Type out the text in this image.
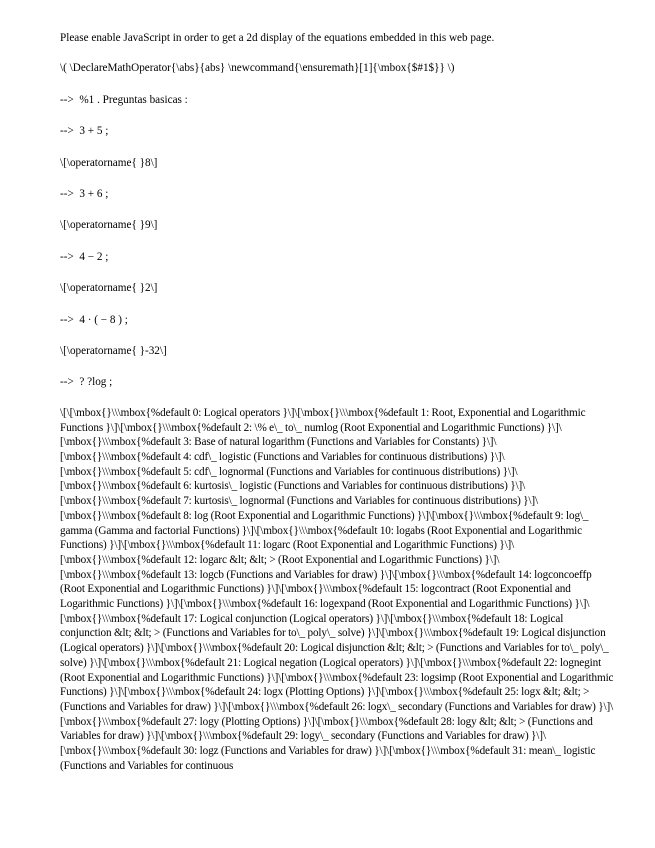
Please enable JavaScript in order to get a 2d display of the equations embedded in this web page.

\( \DeclareMathOperator{\abs}{abs} \newcommand{\ensuremath}[1]{\mbox{$#1$}} \)

-->  %1 . Preguntas basicas :

-->  3 + 5 ;

\[\operatorname{ }8\]

-->  3 + 6 ;

\[\operatorname{ }9\]

-->  4 − 2 ;

\[\operatorname{ }2\]

-->  4 · ( − 8 ) ;

\[\operatorname{ }-32\]

-->  ? ?log ;

\[\[\mbox{}\\\mbox{%default 0: Logical operators }\]\[\mbox{}\\\mbox{%default 1: Root, Exponential and Logarithmic Functions }\]\[\mbox{}\\\mbox{%default 2: \% e\_ to\_ numlog (Root Exponential and Logarithmic Functions) }\]\[\mbox{}\\\mbox{%default 3: Base of natural logarithm (Functions and Variables for Constants) }\]\[\mbox{}\\\mbox{%default 4: cdf\_ logistic (Functions and Variables for continuous distributions) }\]\[\mbox{}\\\mbox{%default 5: cdf\_ lognormal (Functions and Variables for continuous distributions) }\]\[\mbox{}\\\mbox{%default 6: kurtosis\_ logistic (Functions and Variables for continuous distributions) }\]\[\mbox{}\\\mbox{%default 7: kurtosis\_ lognormal (Functions and Variables for continuous distributions) }\]\[\mbox{}\\\mbox{%default 8: log (Root Exponential and Logarithmic Functions) }\]\[\mbox{}\\\mbox{%default 9: log\_ gamma (Gamma and factorial Functions) }\]\[\mbox{}\\\mbox{%default 10: logabs (Root Exponential and Logarithmic Functions) }\]\[\mbox{}\\\mbox{%default 11: logarc (Root Exponential and Logarithmic Functions) }\]\[\mbox{}\\\mbox{%default 12: logarc &lt; &lt; > (Root Exponential and Logarithmic Functions) }\]\[\mbox{}\\\mbox{%default 13: logcb (Functions and Variables for draw) }\]\[\mbox{}\\\mbox{%default 14: logconcoeffp (Root Exponential and Logarithmic Functions) }\]\[\mbox{}\\\mbox{%default 15: logcontract (Root Exponential and Logarithmic Functions) }\]\[\mbox{}\\\mbox{%default 16: logexpand (Root Exponential and Logarithmic Functions) }\]\[\mbox{}\\\mbox{%default 17: Logical conjunction (Logical operators) }\]\[\mbox{}\\\mbox{%default 18: Logical conjunction &lt; &lt; > (Functions and Variables for to\_ poly\_ solve) }\]\[\mbox{}\\\mbox{%default 19: Logical disjunction (Logical operators) }\]\[\mbox{}\\\mbox{%default 20: Logical disjunction &lt; &lt; > (Functions and Variables for to\_ poly\_ solve) }\]\[\mbox{}\\\mbox{%default 21: Logical negation (Logical operators) }\]\[\mbox{}\\\mbox{%default 22: lognegint (Root Exponential and Logarithmic Functions) }\]\[\mbox{}\\\mbox{%default 23: logsimp (Root Exponential and Logarithmic Functions) }\]\[\mbox{}\\\mbox{%default 24: logx (Plotting Options) }\]\[\mbox{}\\\mbox{%default 25: logx &lt; &lt; > (Functions and Variables for draw) }\]\[\mbox{}\\\mbox{%default 26: logx\_ secondary (Functions and Variables for draw) }\]\[\mbox{}\\\mbox{%default 27: logy (Plotting Options) }\]\[\mbox{}\\\mbox{%default 28: logy &lt; &lt; > (Functions and Variables for draw) }\]\[\mbox{}\\\mbox{%default 29: logy\_ secondary (Functions and Variables for draw) }\]\[\mbox{}\\\mbox{%default 30: logz (Functions and Variables for draw) }\]\[\mbox{}\\\mbox{%default 31: mean\_ logistic (Functions and Variables for continuous
